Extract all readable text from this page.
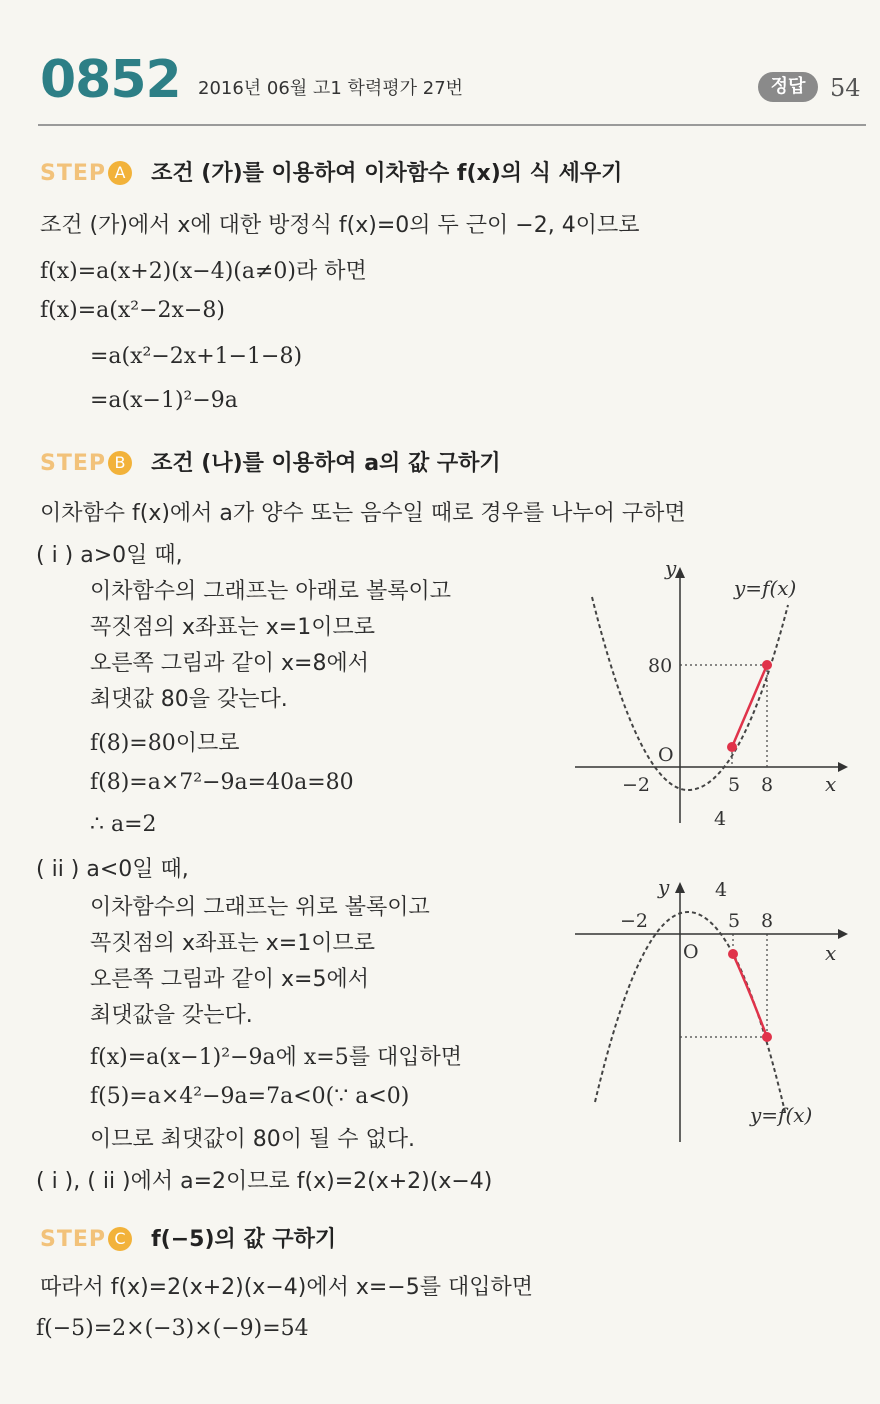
0852 2016년 06월 고1 학력평가 27번	정답	54
STEP A 조건 (가)를 이용하여 이차함수 f(x)의 식 세우기
조건 (가)에서 x에 대한 방정식 f(x)=0의 두 근이 −2, 4이므로
f(x)=a(x+2)(x−4)(a≠0)라 하면
f(x)=a(x²−2x−8)
=a(x²−2x+1−1−8)
=a(x−1)²−9a
STEP B 조건 (나)를 이용하여 a의 값 구하기
이차함수 f(x)에서 a가 양수 또는 음수일 때로 경우를 나누어 구하면
( i ) a>0일 때,
이차함수의 그래프는 아래로 볼록이고
꼭짓점의 x좌표는 x=1이므로
오른쪽 그림과 같이 x=8에서
최댓값 80을 갖는다.
f(8)=80이므로
f(8)=a×7²−9a=40a=80
∴ a=2
( ii ) a<0일 때,
이차함수의 그래프는 위로 볼록이고
꼭짓점의 x좌표는 x=1이므로
오른쪽 그림과 같이 x=5에서
최댓값을 갖는다.
f(x)=a(x−1)²−9a에 x=5를 대입하면
f(5)=a×4²−9a=7a<0(∵ a<0)
이므로 최댓값이 80이 될 수 없다.
( i ), ( ii )에서 a=2이므로 f(x)=2(x+2)(x−4)
STEP C f(−5)의 값 구하기
따라서 f(x)=2(x+2)(x−4)에서 x=−5를 대입하면
f(−5)=2×(−3)×(−9)=54
y
x
y=f(x)
80
O
−2	5 8
4
y
x
y=f(x)
O
−2	5 8
4
